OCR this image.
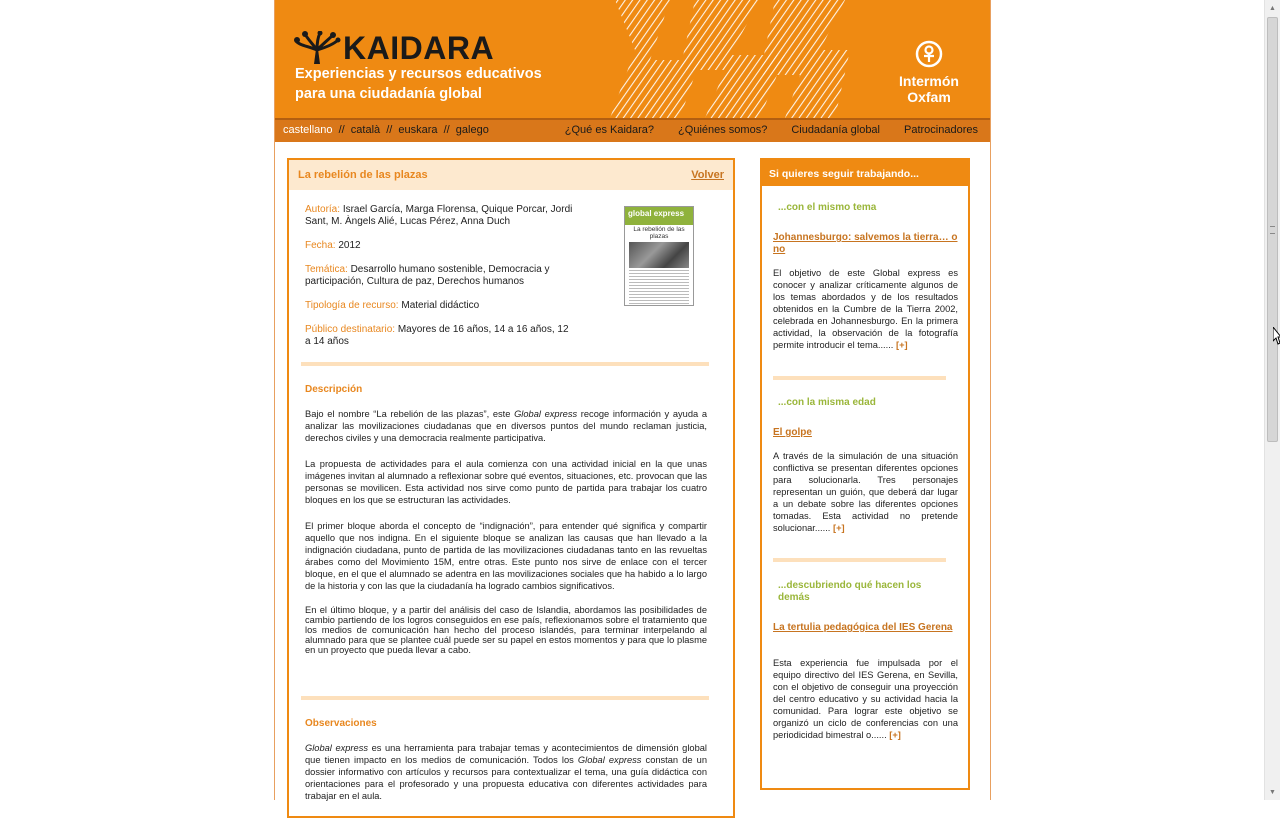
KAIDARA
Experiencias y recursos educativos
para una ciudadanía global
Intermón
Oxfam
castellano // català // euskara // galego	¿Qué es Kaidara? ¿Quiénes somos? Ciudadanía global Patrocinadores
La rebelión de las plazas	Volver
Autoría: Israel García, Marga Florensa, Quique Porcar, Jordi Sant, M. Àngels Alié, Lucas Pérez, Anna Duch
Fecha: 2012
Temática: Desarrollo humano sostenible, Democracia y participación, Cultura de paz, Derechos humanos
Tipología de recurso: Material didáctico
Público destinatario: Mayores de 16 años, 14 a 16 años, 12 a 14 años
global express
La rebelión de las plazas
Descripción
Bajo el nombre “La rebelión de las plazas”, este Global express recoge información y ayuda a analizar las movilizaciones ciudadanas que en diversos puntos del mundo reclaman justicia, derechos civiles y una democracia realmente participativa.
La propuesta de actividades para el aula comienza con una actividad inicial en la que unas imágenes invitan al alumnado a reflexionar sobre qué eventos, situaciones, etc. provocan que las personas se movilicen. Esta actividad nos sirve como punto de partida para trabajar los cuatro bloques en los que se estructuran las actividades.
El primer bloque aborda el concepto de “indignación”, para entender qué significa y compartir aquello que nos indigna. En el siguiente bloque se analizan las causas que han llevado a la indignación ciudadana, punto de partida de las movilizaciones ciudadanas tanto en las revueltas árabes como del Movimiento 15M, entre otras. Este punto nos sirve de enlace con el tercer bloque, en el que el alumnado se adentra en las movilizaciones sociales que ha habido a lo largo de la historia y con las que la ciudadanía ha logrado cambios significativos.
En el último bloque, y a partir del análisis del caso de Islandia, abordamos las posibilidades de cambio partiendo de los logros conseguidos en ese país, reflexionamos sobre el tratamiento que los medios de comunicación han hecho del proceso islandés, para terminar interpelando al alumnado para que se plantee cuál puede ser su papel en estos momentos y para que lo plasme en un proyecto que pueda llevar a cabo.
Observaciones
Global express es una herramienta para trabajar temas y acontecimientos de dimensión global que tienen impacto en los medios de comunicación. Todos los Global express constan de un dossier informativo con artículos y recursos para contextualizar el tema, una guía didáctica con orientaciones para el profesorado y una propuesta educativa con diferentes actividades para trabajar en el aula.
Si quieres seguir trabajando...
...con el mismo tema
Johannesburgo: salvemos la tierra… o no
El objetivo de este Global express es conocer y analizar críticamente algunos de los temas abordados y de los resultados obtenidos en la Cumbre de la Tierra 2002, celebrada en Johannesburgo. En la primera actividad, la observación de la fotografía permite introducir el tema...... [+]
...con la misma edad
El golpe
A través de la simulación de una situación conflictiva se presentan diferentes opciones para solucionarla. Tres personajes representan un guión, que deberá dar lugar a un debate sobre las diferentes opciones tomadas. Esta actividad no pretende solucionar...... [+]
...descubriendo qué hacen los demás
La tertulia pedagógica del IES Gerena
Esta experiencia fue impulsada por el equipo directivo del IES Gerena, en Sevilla, con el objetivo de conseguir una proyección del centro educativo y su actividad hacia la comunidad. Para lograr este objetivo se organizó un ciclo de conferencias con una periodicidad bimestral o...... [+]
▲
▼
